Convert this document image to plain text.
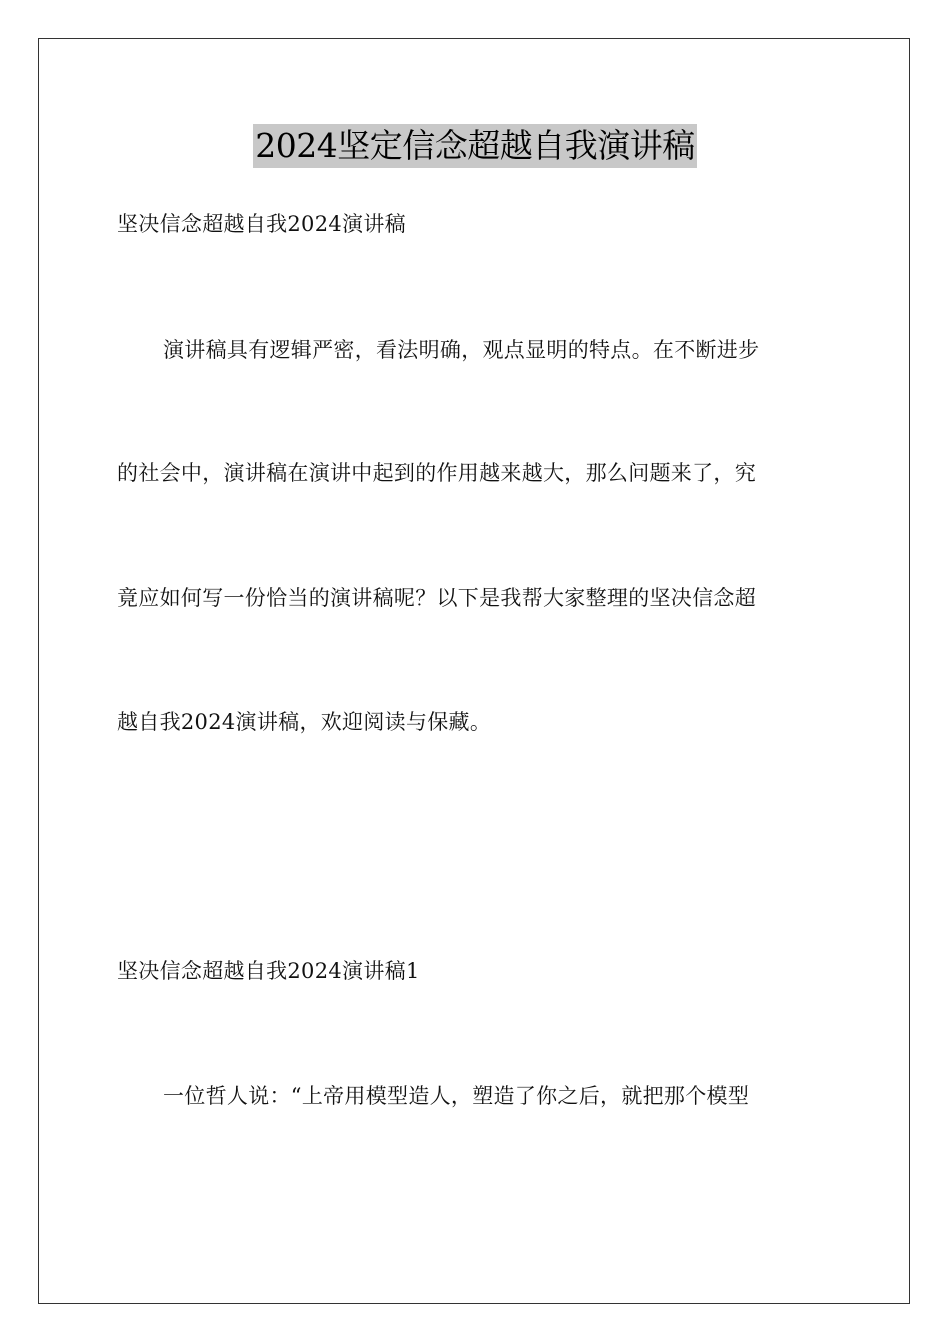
2024坚定信念超越自我演讲稿
坚决信念超越自我2024演讲稿
演讲稿具有逻辑严密，看法明确，观点显明的特点。在不断进步
的社会中，演讲稿在演讲中起到的作用越来越大，那么问题来了，究
竟应如何写一份恰当的演讲稿呢？以下是我帮大家整理的坚决信念超
越自我2024演讲稿，欢迎阅读与保藏。
坚决信念超越自我2024演讲稿1
一位哲人说：“上帝用模型造人，塑造了你之后，就把那个模型
